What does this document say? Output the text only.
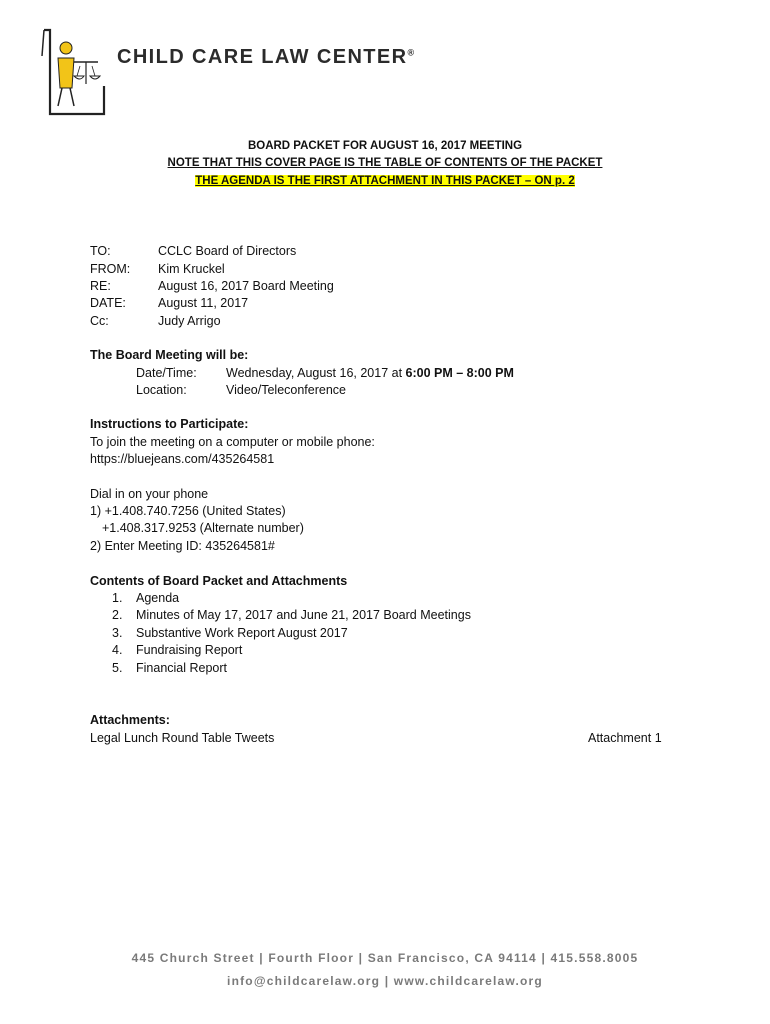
CHILD CARE LAW CENTER®
BOARD PACKET FOR AUGUST 16, 2017 MEETING
NOTE THAT THIS COVER PAGE IS THE TABLE OF CONTENTS OF THE PACKET
THE AGENDA IS THE FIRST ATTACHMENT IN THIS PACKET – ON p. 2
TO:	CCLC Board of Directors
FROM: Kim Kruckel
RE:	August 16, 2017 Board Meeting
DATE:	August 11, 2017
Cc:	Judy Arrigo
The Board Meeting will be:
Date/Time: Wednesday, August 16, 2017 at 6:00 PM – 8:00 PM
Location:	Video/Teleconference
Instructions to Participate:
To join the meeting on a computer or mobile phone:
https://bluejeans.com/435264581
Dial in on your phone
1) +1.408.740.7256 (United States)
+1.408.317.9253 (Alternate number)
2) Enter Meeting ID: 435264581#
Contents of Board Packet and Attachments
1. Agenda
2. Minutes of May 17, 2017 and June 21, 2017 Board Meetings
3. Substantive Work Report August 2017
4. Fundraising Report
5. Financial Report
Attachments:
Legal Lunch Round Table Tweets	Attachment 1
445 Church Street | Fourth Floor | San Francisco, CA 94114 | 415.558.8005
info@childcarelaw.org | www.childcarelaw.org
